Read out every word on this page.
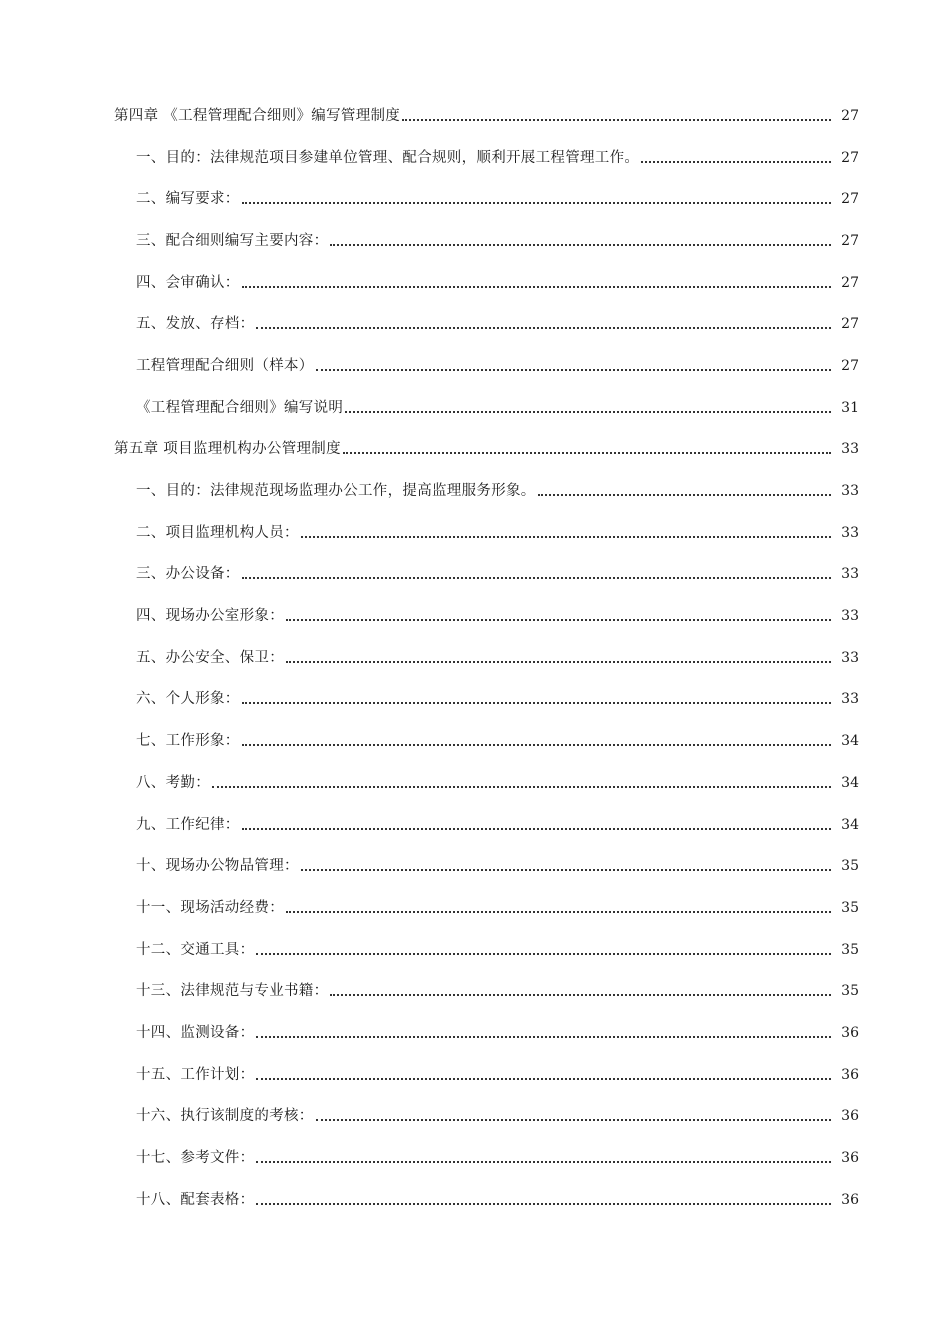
第四章 《工程管理配合细则》编写管理制度	27
一、目的：法律规范项目参建单位管理、配合规则，顺利开展工程管理工作。	27
二、编写要求：	27
三、配合细则编写主要内容：	27
四、会审确认：	27
五、发放、存档：	27
工程管理配合细则（样本）	27
《工程管理配合细则》编写说明	31
第五章 项目监理机构办公管理制度	33
一、目的：法律规范现场监理办公工作，提高监理服务形象。	33
二、项目监理机构人员：	33
三、办公设备：	33
四、现场办公室形象：	33
五、办公安全、保卫：	33
六、个人形象：	33
七、工作形象：	34
八、考勤：	34
九、工作纪律：	34
十、现场办公物品管理：	35
十一、现场活动经费：	35
十二、交通工具：	35
十三、法律规范与专业书籍：	35
十四、监测设备：	36
十五、工作计划：	36
十六、执行该制度的考核：	36
十七、参考文件：	36
十八、配套表格：	36
